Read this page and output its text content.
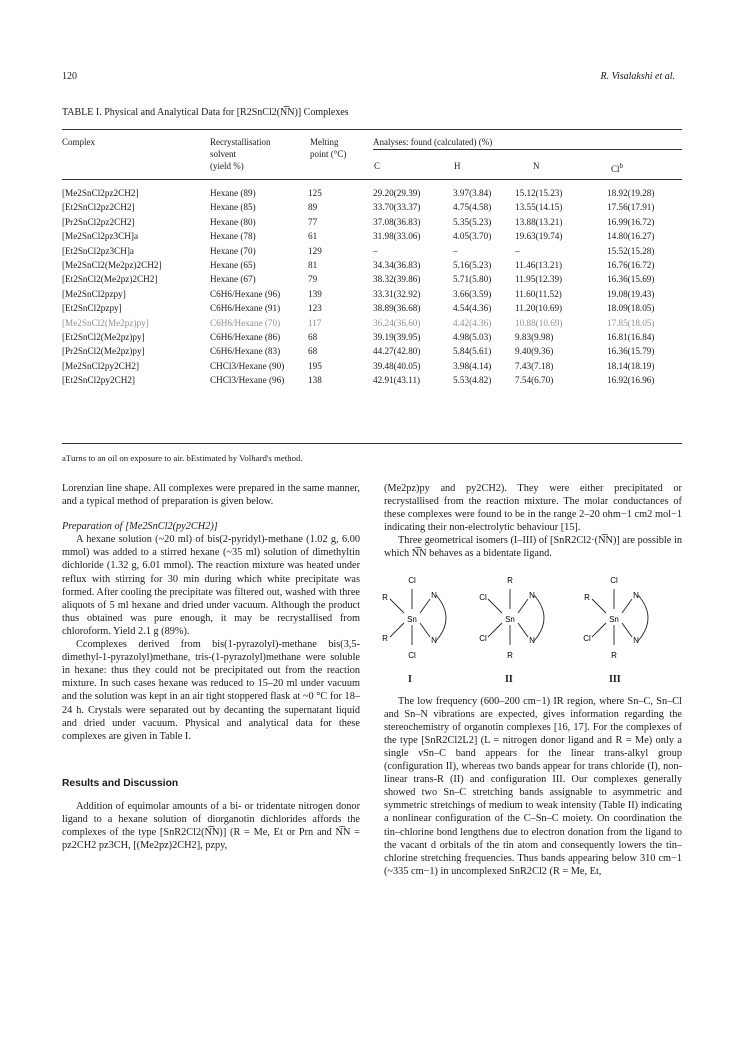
120	R. Visalakshi et al.
TABLE I. Physical and Analytical Data for [R2SnCl2(N͡N)] Complexes
Complex	Recrystallisation
solvent
(yield %)
Melting
point (°C)
Analyses: found (calculated) (%)
C	H	N	Cl$^b$
[Me2SnCl2pz2CH2]	Hexane (89)	125	29.20(29.39)	3.97(3.84)	15.12(15.23)	18.92(19.28)
[Et2SnCl2pz2CH2]	Hexane (85)	89	33.70(33.37)	4.75(4.58)	13.55(14.15)	17.56(17.91)
[Pr2SnCl2pz2CH2]	Hexane (80)	77	37.08(36.83)	5.35(5.23)	13.88(13.21)	16.99(16.72)
[Me2SnCl2pz3CH]a	Hexane (78)	61	31.98(33.06)	4.05(3.70)	19.63(19.74)	14.80(16.27)
[Et2SnCl2pz3CH]a	Hexane (70)	129	–	–	–	15.52(15.28)
[Me2SnCl2(Me2pz)2CH2]	Hexane (65)	81	34.34(36.83)	5.16(5.23)	11.46(13.21)	16.76(16.72)
[Et2SnCl2(Me2pz)2CH2]	Hexane (67)	79	38.32(39.86)	5.71(5.80)	11.95(12.39)	16.36(15.69)
[Me2SnCl2pzpy]	C6H6/Hexane (96)	139	33.31(32.92)	3.66(3.59)	11.60(11.52)	19.08(19.43)
[Et2SnCl2pzpy]	C6H6/Hexane (91)	123	38.89(36.68)	4.54(4.36)	11.20(10.69)	18.09(18.05)
[Me2SnCl2(Me2pz)py]	C6H6/Hexane (70)	117	36.24(36.60)	4.42(4.36)	10.88(10.69)	17.85(18.05)
[Et2SnCl2(Me2pz)py]	C6H6/Hexane (86)	68	39.19(39.95)	4.98(5.03)	9.83(9.98)	16.81(16.84)
[Pr2SnCl2(Me2pz)py]	C6H6/Hexane (83)	68	44.27(42.80)	5.84(5.61)	9.40(9.36)	16.36(15.79)
[Me2SnCl2py2CH2]	CHCl3/Hexane (90)	195	39.48(40.05)	3.98(4.14)	7.43(7.18)	18.14(18.19)
[Et2SnCl2py2CH2]	CHCl3/Hexane (96)	138	42.91(43.11)	5.53(4.82)	7.54(6.70)	16.92(16.96)
aTurns to an oil on exposure to air. bEstimated by Volhard's method.

Lorenzian line shape. All complexes were prepared in the same manner, and a typical method of preparation is given below.

Preparation of [Me2SnCl2(py2CH2)]

A hexane solution (~20 ml) of bis(2-pyridyl)-methane (1.02 g, 6.00 mmol) was added to a stirred hexane (~35 ml) solution of dimethyltin dichloride (1.32 g, 6.01 mmol). The reaction mixture was heated under reflux with stirring for 30 min during which white precipitate was formed. After cooling the precipitate was filtered out, washed with three aliquots of 5 ml hexane and dried under vacuum. Although the product thus obtained was pure enough, it may be recrystallised from chloroform. Yield 2.1 g (89%).

Ccomplexes derived from bis(1-pyrazolyl)-methane bis(3,5-dimethyl-1-pyrazolyl)methane, tris-(1-pyrazolyl)methane were soluble in hexane: thus they could not be precipitated out from the reaction mixture. In such cases hexane was reduced to 15–20 ml under vacuum and the solution was kept in an air tight stoppered flask at ~0 °C for 18–24 h. Crystals were separated out by decanting the supernatant liquid and dried under vacuum. Physical and analytical data for these complexes are given in Table I.

Results and Discussion

Addition of equimolar amounts of a bi- or tridentate nitrogen donor ligand to a hexane solution of diorganotin dichlorides affords the complexes of the type [SnR2Cl2(N͡N)] (R = Me, Et or Prn and N͡N = pz2CH2 pz3CH, [(Me2pz)2CH2], pzpy,

(Me2pz)py and py2CH2). They were either precipitated or recrystallised from the reaction mixture. The molar conductances of these complexes were found to be in the range 2–20 ohm−1 cm2 mol−1 indicating their non-electrolytic behaviour [15].

Three geometrical isomers (I–III) of [SnR2Cl2·(N͡N)] are possible in which N͡N behaves as a bidentate ligand.

Cl
Cl
R
R
Sn
N
N
R
R
Cl
Cl
Sn
N
N
Cl
R
R
Cl
Sn
N
N
I	II	III

The low frequency (600–200 cm−1) IR region, where Sn–C, Sn–Cl and Sn–N vibrations are expected, gives information regarding the stereochemistry of organotin complexes [16, 17]. For the complexes of the type [SnR2Cl2L2] (L = nitrogen donor ligand and R = Me) only a single νSn–C band appears for the linear trans-alkyl group (configuration II), whereas two bands appear for trans chloride (I), non-linear trans-R (II) and configuration III. Our complexes generally showed two Sn–C stretching bands assignable to asymmetric and symmetric stretchings of medium to weak intensity (Table II) indicating a nonlinear configuration of the C–Sn–C moiety. On coordination the tin–chlorine bond lengthens due to electron donation from the ligand to the vacant d orbitals of the tin atom and consequently lowers the tin–chlorine stretching frequencies. Thus bands appearing below 310 cm−1 (~335 cm−1) in uncomplexed SnR2Cl2 (R = Me, Et,
